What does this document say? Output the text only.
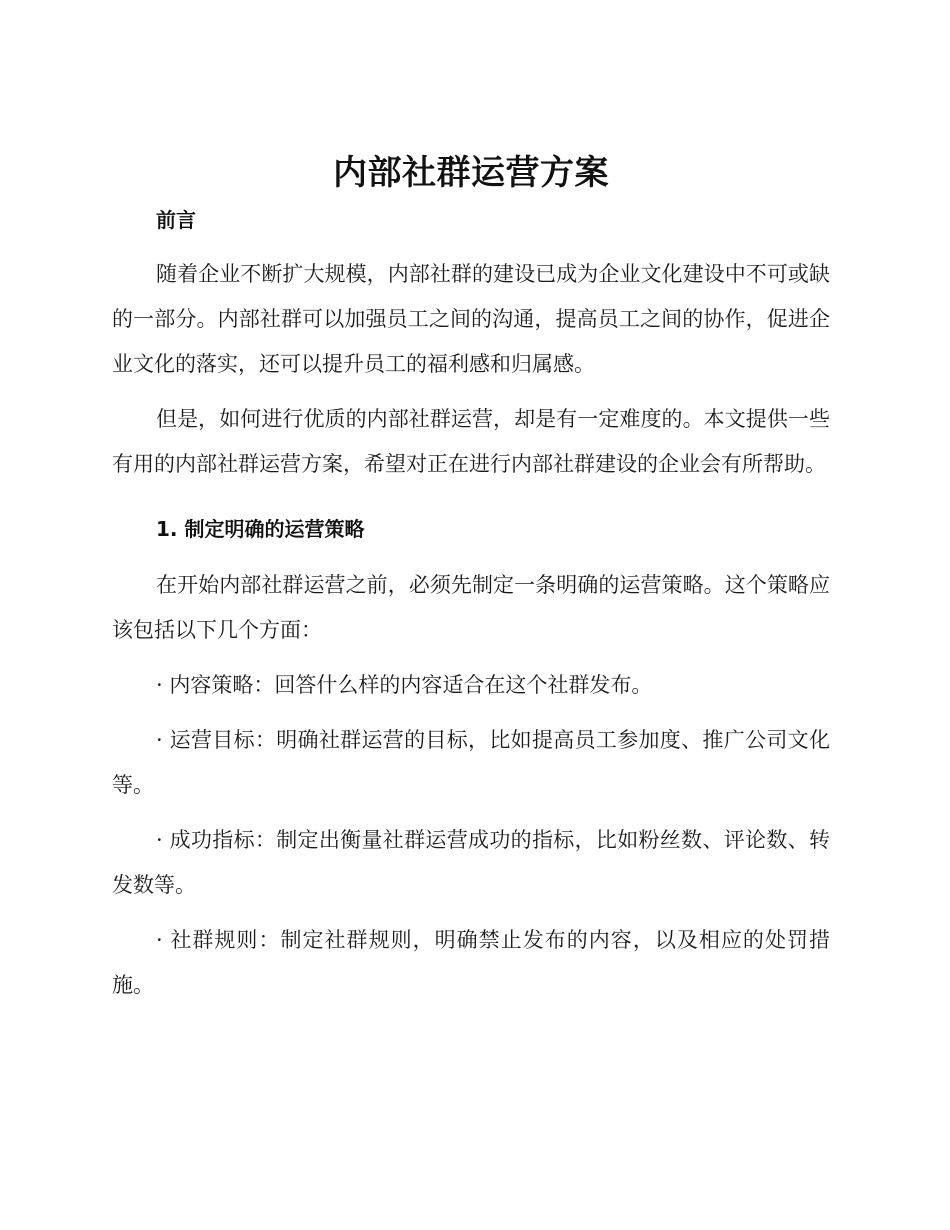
内部社群运营方案
前言

随着企业不断扩大规模，内部社群的建设已成为企业文化建设中不可或缺的一部分。内部社群可以加强员工之间的沟通，提高员工之间的协作，促进企业文化的落实，还可以提升员工的福利感和归属感。

但是，如何进行优质的内部社群运营，却是有一定难度的。本文提供一些有用的内部社群运营方案，希望对正在进行内部社群建设的企业会有所帮助。

1. 制定明确的运营策略

在开始内部社群运营之前，必须先制定一条明确的运营策略。这个策略应该包括以下几个方面：

· 内容策略：回答什么样的内容适合在这个社群发布。

· 运营目标：明确社群运营的目标，比如提高员工参加度、推广公司文化等。

· 成功指标：制定出衡量社群运营成功的指标，比如粉丝数、评论数、转发数等。

· 社群规则：制定社群规则，明确禁止发布的内容，以及相应的处罚措施。
